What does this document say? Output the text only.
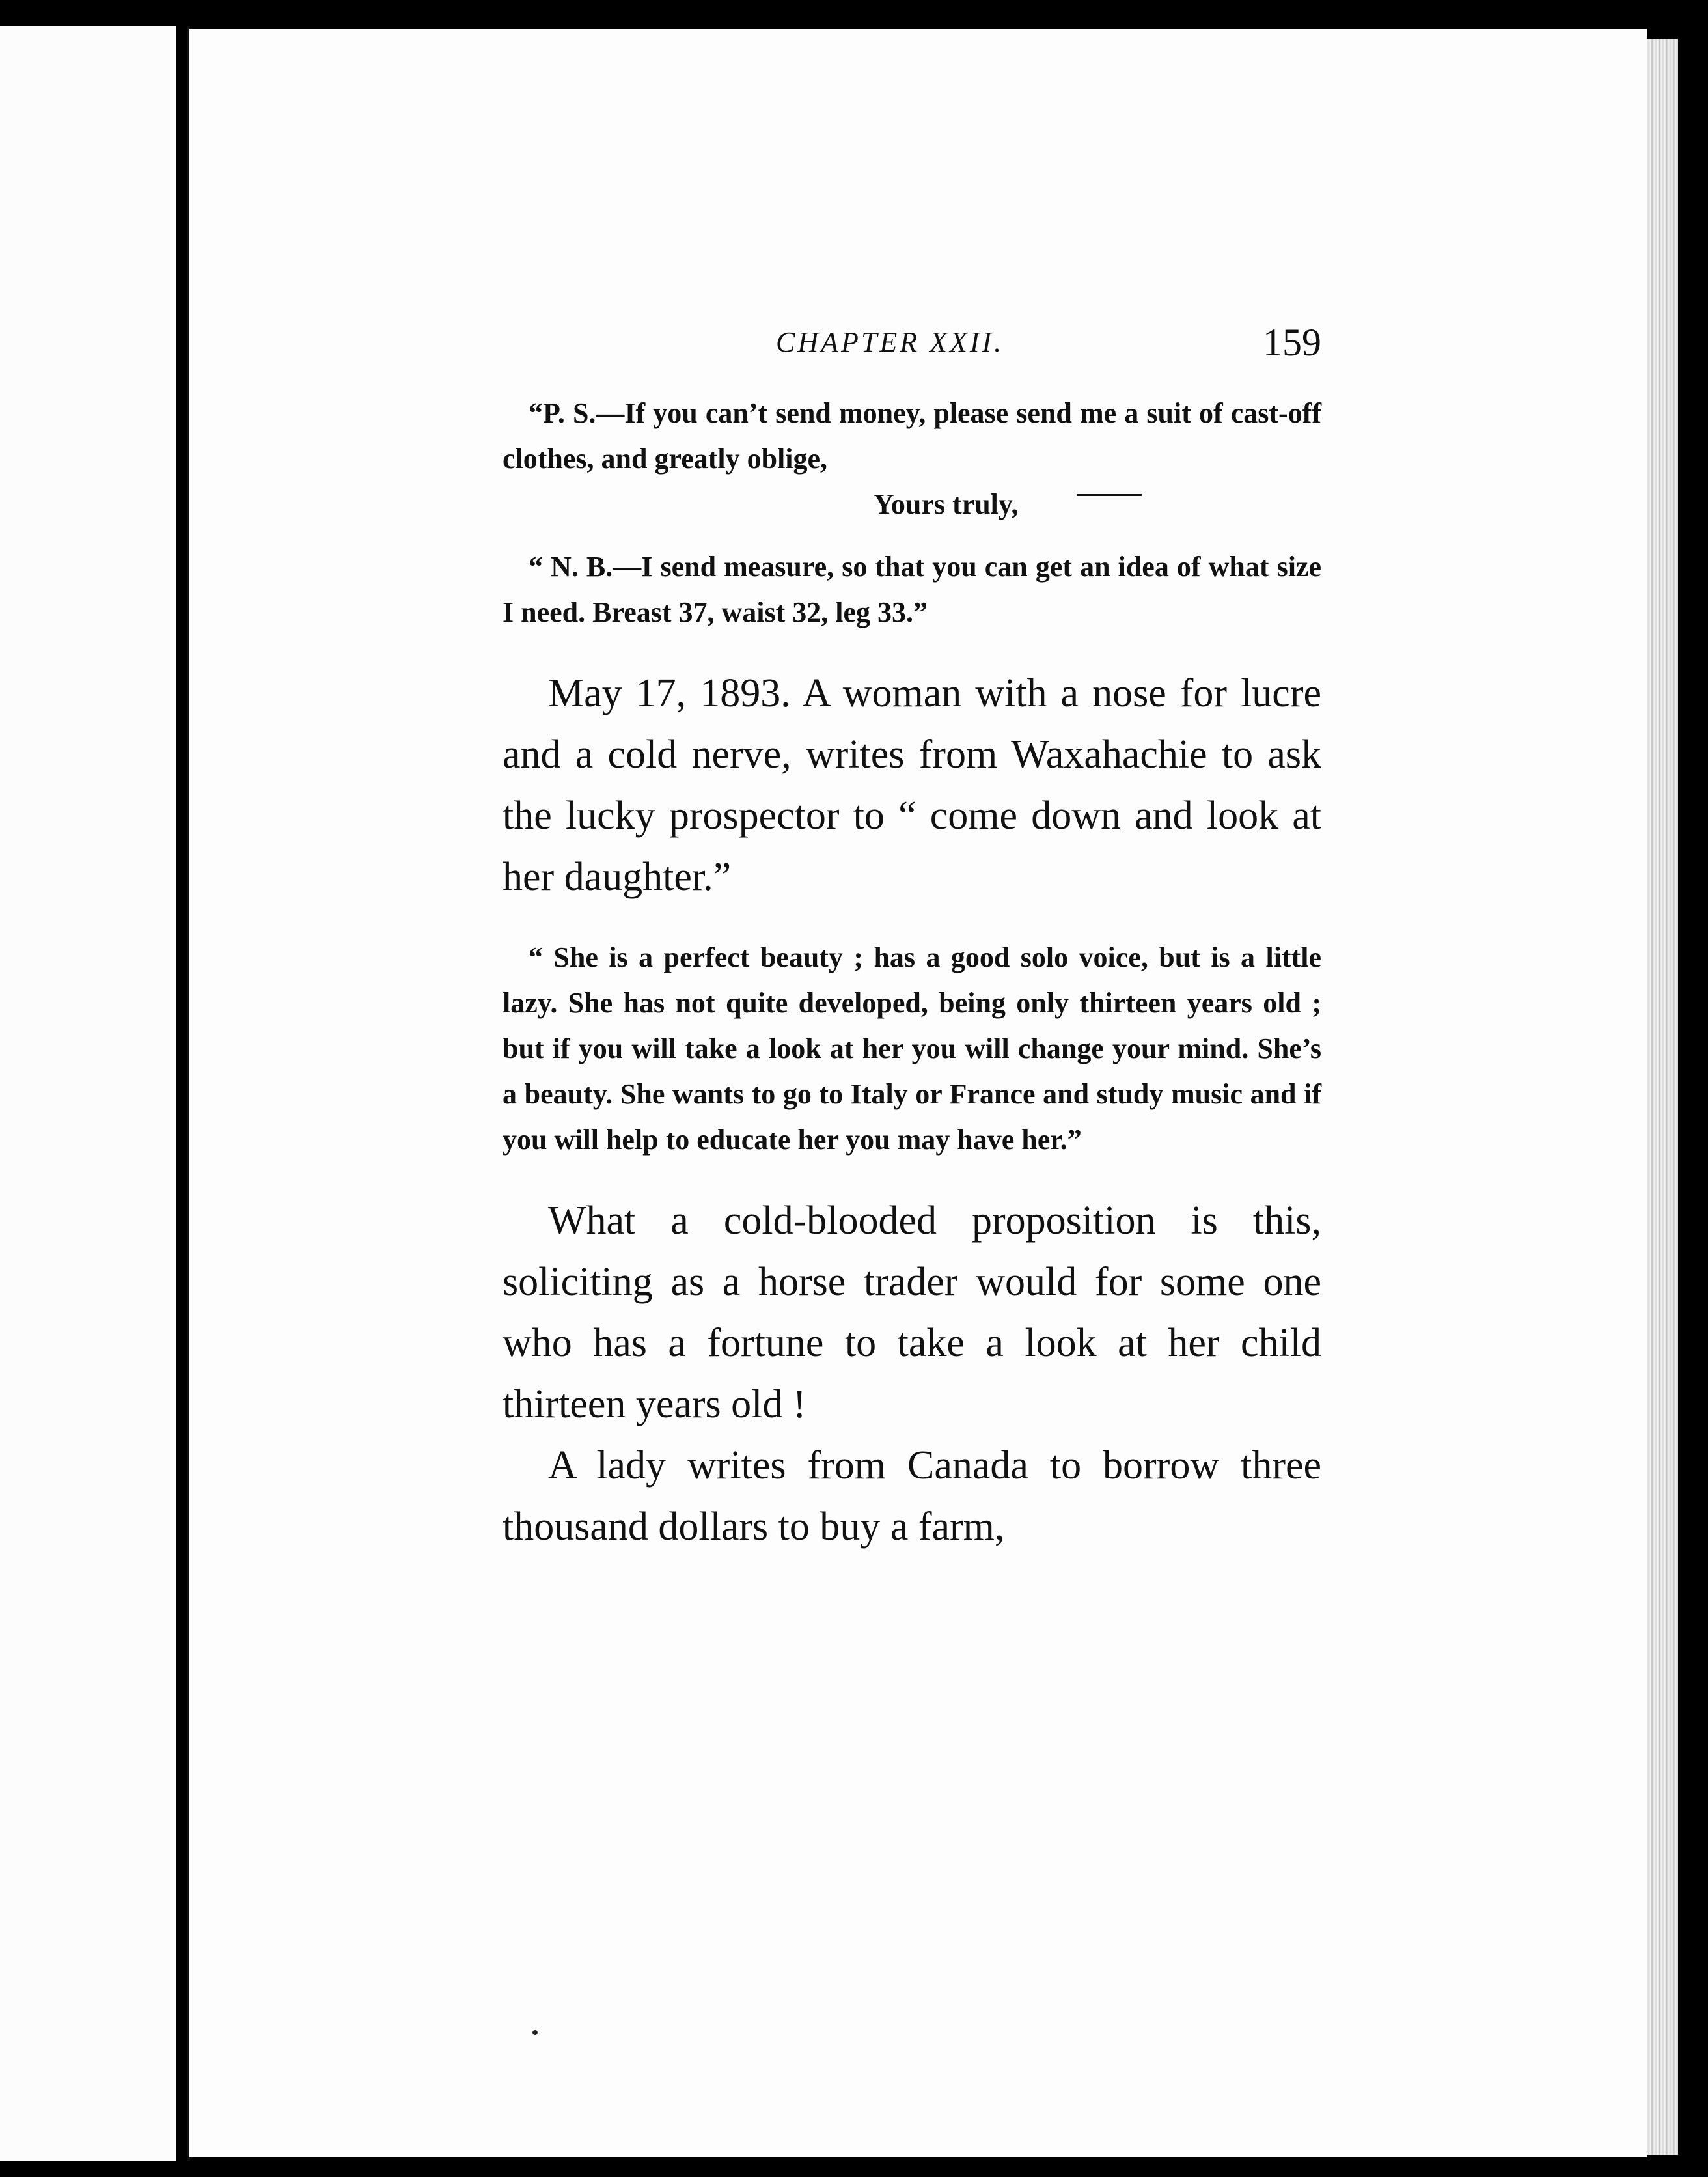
CHAPTER XXII.	159

“P. S.—If you can’t send money, please send me a suit of cast-off clothes, and greatly oblige,

Yours truly,

“ N. B.—I send measure, so that you can get an idea of what size I need. Breast 37, waist 32, leg 33.”

May 17, 1893. A woman with a nose for lucre and a cold nerve, writes from Waxahachie to ask the lucky prospector to “ come down and look at her daughter.”

“ She is a perfect beauty ; has a good solo voice, but is a little lazy. She has not quite developed, being only thirteen years old ; but if you will take a look at her you will change your mind. She’s a beauty. She wants to go to Italy or France and study music and if you will help to educate her you may have her.”

What a cold-blooded proposition is this, soliciting as a horse trader would for some one who has a fortune to take a look at her child thirteen years old !

A lady writes from Canada to borrow three thousand dollars to buy a farm,
